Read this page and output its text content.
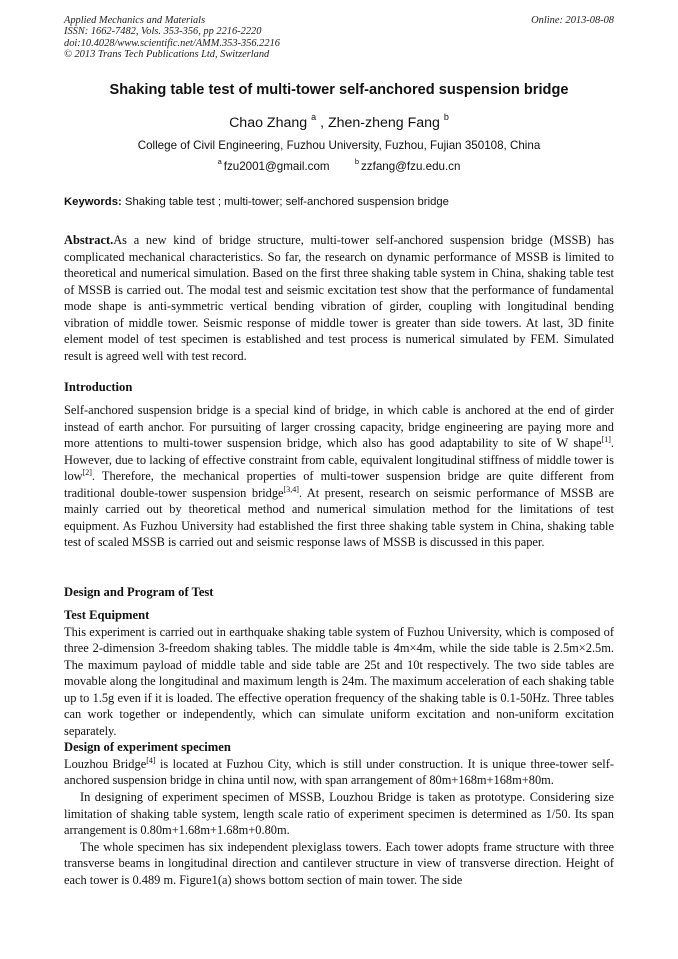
Applied Mechanics and Materials
ISSN: 1662-7482, Vols. 353-356, pp 2216-2220
doi:10.4028/www.scientific.net/AMM.353-356.2216
© 2013 Trans Tech Publications Ltd, Switzerland
Online: 2013-08-08
Shaking table test of multi-tower self-anchored suspension bridge
Chao Zhang $^a$ , Zhen-zheng Fang $^b$
College of Civil Engineering, Fuzhou University, Fuzhou, Fujian 350108, China
$^a$ fzu2001@gmail.com	$^b$ zzfang@fzu.edu.cn
Keywords: Shaking table test ; multi-tower; self-anchored suspension bridge

Abstract.As a new kind of bridge structure, multi-tower self-anchored suspension bridge (MSSB) has complicated mechanical characteristics. So far, the research on dynamic performance of MSSB is limited to theoretical and numerical simulation. Based on the first three shaking table system in China, shaking table test of MSSB is carried out. The modal test and seismic excitation test show that the performance of fundamental mode shape is anti-symmetric vertical bending vibration of girder, coupling with longitudinal bending vibration of middle tower. Seismic response of middle tower is greater than side towers. At last, 3D finite element model of test specimen is established and test process is numerical simulated by FEM. Simulated result is agreed well with test record.

Introduction

Self-anchored suspension bridge is a special kind of bridge, in which cable is anchored at the end of girder instead of earth anchor. For pursuiting of larger crossing capacity, bridge engineering are paying more and more attentions to multi-tower suspension bridge, which also has good adaptability to site of W shape[1]. However, due to lacking of effective constraint from cable, equivalent longitudinal stiffness of middle tower is low[2]. Therefore, the mechanical properties of multi-tower suspension bridge are quite different from traditional double-tower suspension bridge[3,4]. At present, research on seismic performance of MSSB are mainly carried out by theoretical method and numerical simulation method for the limitations of test equipment. As Fuzhou University had established the first three shaking table system in China, shaking table test of scaled MSSB is carried out and seismic response laws of MSSB is discussed in this paper.

Design and Program of Test

Test Equipment

This experiment is carried out in earthquake shaking table system of Fuzhou University, which is composed of three 2-dimension 3-freedom shaking tables. The middle table is 4m×4m, while the side table is 2.5m×2.5m. The maximum payload of middle table and side table are 25t and 10t respectively. The two side tables are movable along the longitudinal and maximum length is 24m. The maximum acceleration of each shaking table up to 1.5g even if it is loaded. The effective operation frequency of the shaking table is 0.1-50Hz. Three tables can work together or independently, which can simulate uniform excitation and non-uniform excitation separately.

Design of experiment specimen

Louzhou Bridge[4] is located at Fuzhou City, which is still under construction. It is unique three-tower self-anchored suspension bridge in china until now, with span arrangement of 80m+168m+168m+80m.

In designing of experiment specimen of MSSB, Louzhou Bridge is taken as prototype. Considering size limitation of shaking table system, length scale ratio of experiment specimen is determined as 1/50. Its span arrangement is 0.80m+1.68m+1.68m+0.80m.

The whole specimen has six independent plexiglass towers. Each tower adopts frame structure with three transverse beams in longitudinal direction and cantilever structure in view of transverse direction. Height of each tower is 0.489 m. Figure1(a) shows bottom section of main tower. The side
